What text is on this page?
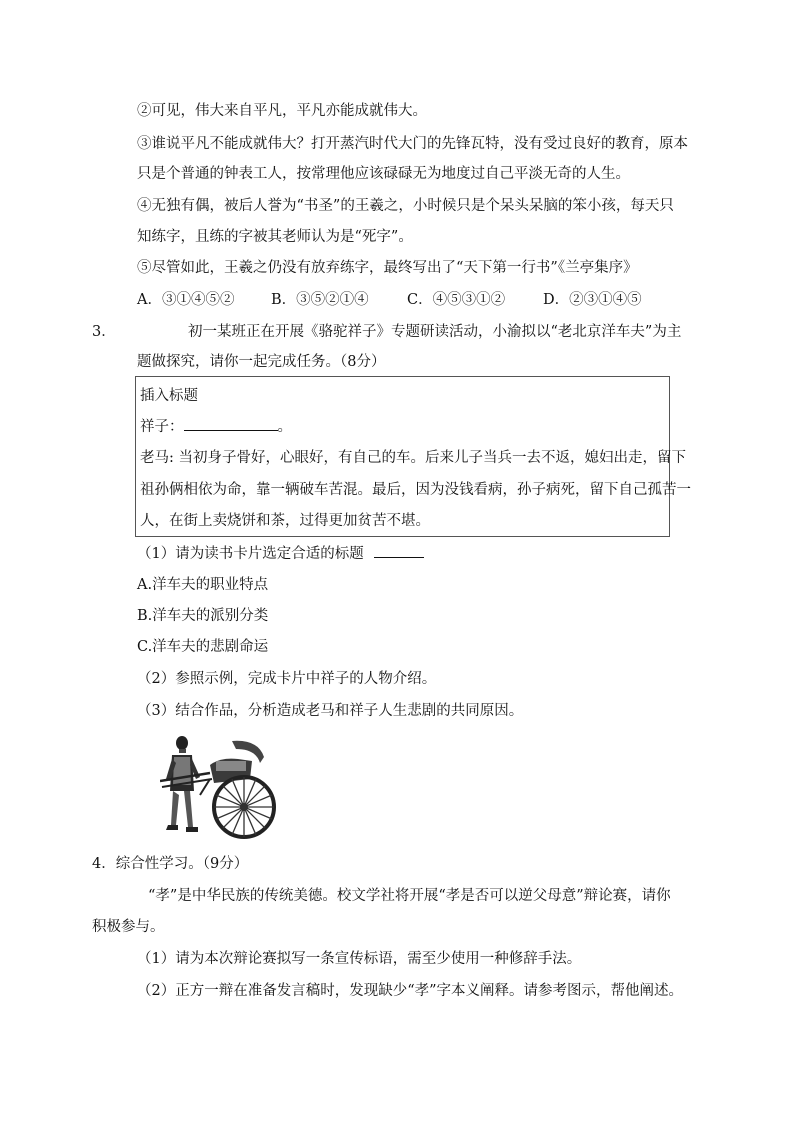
②可见，伟大来自平凡，平凡亦能成就伟大。
③谁说平凡不能成就伟大？打开蒸汽时代大门的先锋瓦特，没有受过良好的教育，原本
只是个普通的钟表工人，按常理他应该碌碌无为地度过自己平淡无奇的人生。
④无独有偶，被后人誉为“书圣”的王羲之，小时候只是个呆头呆脑的笨小孩，每天只
知练字，且练的字被其老师认为是“死字”。
⑤尽管如此，王羲之仍没有放弃练字，最终写出了“天下第一行书”《兰亭集序》
A．③①④⑤②	B．③⑤②①④	C．④⑤③①②	D．②③①④⑤
3．	初一某班正在开展《骆驼祥子》专题研读活动，小渝拟以“老北京洋车夫”为主
题做探究，请你一起完成任务。（8分）
插入标题
祥子：	。
老马: 当初身子骨好，心眼好，有自己的车。后来儿子当兵一去不返，媳妇出走，留下
祖孙俩相依为命，靠一辆破车苦混。最后，因为没钱看病，孙子病死，留下自己孤苦一
人，在街上卖烧饼和茶，过得更加贫苦不堪。
（1）请为读书卡片选定合适的标题
A.洋车夫的职业特点
B.洋车夫的派别分类
C.洋车夫的悲剧命运
（2）参照示例，完成卡片中祥子的人物介绍。
（3）结合作品，分析造成老马和祥子人生悲剧的共同原因。
4．综合性学习。（9分）
“孝”是中华民族的传统美德。校文学社将开展“孝是否可以逆父母意”辩论赛，请你
积极参与。
（1）请为本次辩论赛拟写一条宣传标语，需至少使用一种修辞手法。
（2）正方一辩在准备发言稿时，发现缺少“孝”字本义阐释。请参考图示，帮他阐述。
